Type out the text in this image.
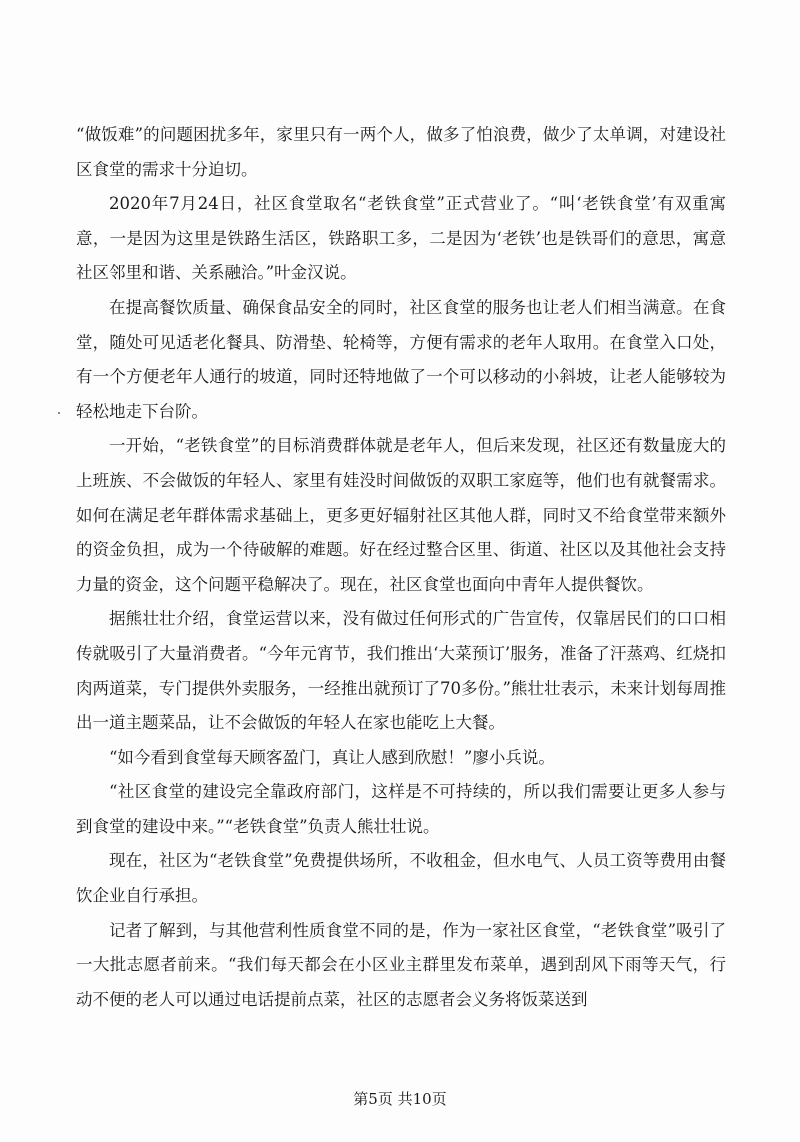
“做饭难”的问题困扰多年，家里只有一两个人，做多了怕浪费，做少了太单调，对建设社区食堂的需求十分迫切。

2020年7月24日，社区食堂取名“老铁食堂”正式营业了。“叫‘老铁食堂’有双重寓意，一是因为这里是铁路生活区，铁路职工多，二是因为‘老铁’也是铁哥们的意思，寓意社区邻里和谐、关系融洽。”叶金汉说。

在提高餐饮质量、确保食品安全的同时，社区食堂的服务也让老人们相当满意。在食堂，随处可见适老化餐具、防滑垫、轮椅等，方便有需求的老年人取用。在食堂入口处，有一个方便老年人通行的坡道，同时还特地做了一个可以移动的小斜坡，让老人能够较为轻松地走下台阶。

一开始，“老铁食堂”的目标消费群体就是老年人，但后来发现，社区还有数量庞大的上班族、不会做饭的年轻人、家里有娃没时间做饭的双职工家庭等，他们也有就餐需求。如何在满足老年群体需求基础上，更多更好辐射社区其他人群，同时又不给食堂带来额外的资金负担，成为一个待破解的难题。好在经过整合区里、街道、社区以及其他社会支持力量的资金，这个问题平稳解决了。现在，社区食堂也面向中青年人提供餐饮。

据熊壮壮介绍，食堂运营以来，没有做过任何形式的广告宣传，仅靠居民们的口口相传就吸引了大量消费者。“今年元宵节，我们推出‘大菜预订’服务，准备了汗蒸鸡、红烧扣肉两道菜，专门提供外卖服务，一经推出就预订了70多份。”熊壮壮表示，未来计划每周推出一道主题菜品，让不会做饭的年轻人在家也能吃上大餐。

“如今看到食堂每天顾客盈门，真让人感到欣慰！”廖小兵说。

“社区食堂的建设完全靠政府部门，这样是不可持续的，所以我们需要让更多人参与到食堂的建设中来。”“老铁食堂”负责人熊壮壮说。

现在，社区为“老铁食堂”免费提供场所，不收租金，但水电气、人员工资等费用由餐饮企业自行承担。

记者了解到，与其他营利性质食堂不同的是，作为一家社区食堂，“老铁食堂”吸引了一大批志愿者前来。“我们每天都会在小区业主群里发布菜单，遇到刮风下雨等天气，行动不便的老人可以通过电话提前点菜，社区的志愿者会义务将饭菜送到

第5页 共10页
